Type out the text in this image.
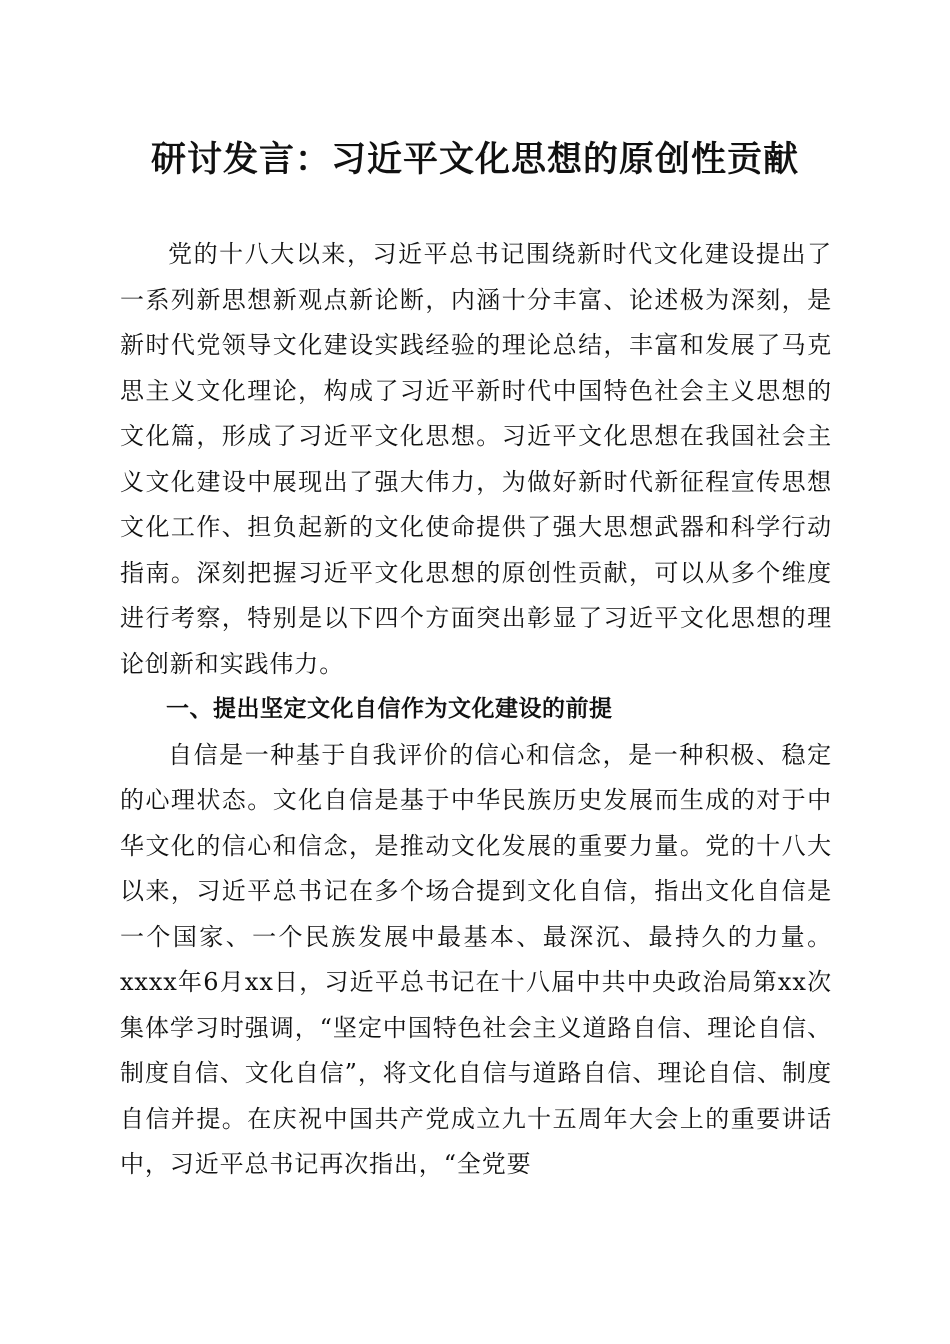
研讨发言：习近平文化思想的原创性贡献

党的十八大以来，习近平总书记围绕新时代文化建设提出了一系列新思想新观点新论断，内涵十分丰富、论述极为深刻，是新时代党领导文化建设实践经验的理论总结，丰富和发展了马克思主义文化理论，构成了习近平新时代中国特色社会主义思想的文化篇，形成了习近平文化思想。习近平文化思想在我国社会主义文化建设中展现出了强大伟力，为做好新时代新征程宣传思想文化工作、担负起新的文化使命提供了强大思想武器和科学行动指南。深刻把握习近平文化思想的原创性贡献，可以从多个维度进行考察，特别是以下四个方面突出彰显了习近平文化思想的理论创新和实践伟力。

一、提出坚定文化自信作为文化建设的前提

自信是一种基于自我评价的信心和信念，是一种积极、稳定的心理状态。文化自信是基于中华民族历史发展而生成的对于中华文化的信心和信念，是推动文化发展的重要力量。党的十八大以来，习近平总书记在多个场合提到文化自信，指出文化自信是一个国家、一个民族发展中最基本、最深沉、最持久的力量。xxxx年6月xx日，习近平总书记在十八届中共中央政治局第xx次集体学习时强调，“坚定中国特色社会主义道路自信、理论自信、制度自信、文化自信”，将文化自信与道路自信、理论自信、制度自信并提。在庆祝中国共产党成立九十五周年大会上的重要讲话中，习近平总书记再次指出，“全党要
